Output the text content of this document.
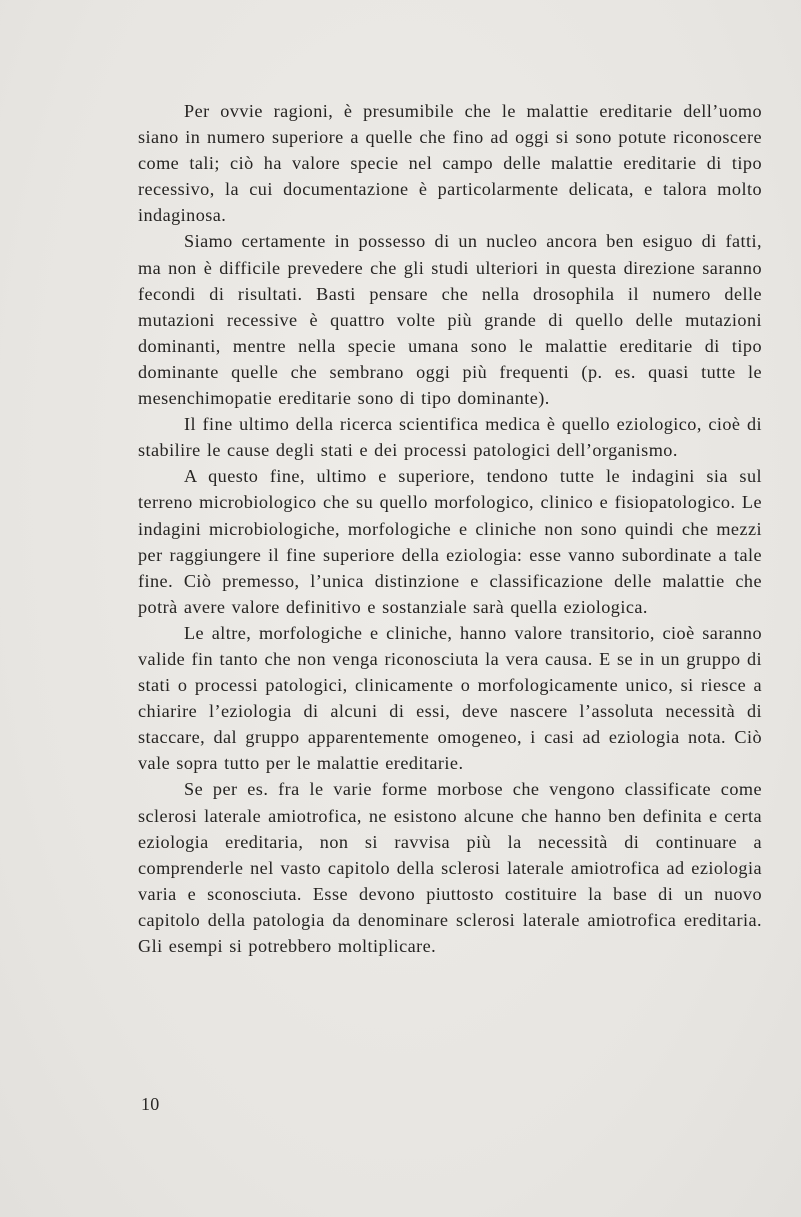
Per ovvie ragioni, è presumibile che le malattie ereditarie dell’uomo siano in numero superiore a quelle che fino ad oggi si sono potute riconoscere come tali; ciò ha valore specie nel campo delle malattie ereditarie di tipo recessivo, la cui documentazione è particolarmente delicata, e talora molto indaginosa.

Siamo certamente in possesso di un nucleo ancora ben esiguo di fatti, ma non è difficile prevedere che gli studi ulteriori in questa direzione saranno fecondi di risultati. Basti pensare che nella drosophila il numero delle mutazioni recessive è quattro volte più grande di quello delle mutazioni dominanti, mentre nella specie umana sono le malattie ereditarie di tipo dominante quelle che sembrano oggi più frequenti (p. es. quasi tutte le mesenchimopatie ereditarie sono di tipo dominante).

Il fine ultimo della ricerca scientifica medica è quello eziologico, cioè di stabilire le cause degli stati e dei processi patologici dell’organismo.

A questo fine, ultimo e superiore, tendono tutte le indagini sia sul terreno microbiologico che su quello morfologico, clinico e fisiopatologico. Le indagini microbiologiche, morfologiche e cliniche non sono quindi che mezzi per raggiungere il fine superiore della eziologia: esse vanno subordinate a tale fine. Ciò premesso, l’unica distinzione e classificazione delle malattie che potrà avere valore definitivo e sostanziale sarà quella eziologica.

Le altre, morfologiche e cliniche, hanno valore transitorio, cioè saranno valide fin tanto che non venga riconosciuta la vera causa. E se in un gruppo di stati o processi patologici, clinicamente o morfologicamente unico, si riesce a chiarire l’eziologia di alcuni di essi, deve nascere l’assoluta necessità di staccare, dal gruppo apparentemente omogeneo, i casi ad eziologia nota. Ciò vale sopra tutto per le malattie ereditarie.

Se per es. fra le varie forme morbose che vengono classificate come sclerosi laterale amiotrofica, ne esistono alcune che hanno ben definita e certa eziologia ereditaria, non si ravvisa più la necessità di continuare a comprenderle nel vasto capitolo della sclerosi laterale amiotrofica ad eziologia varia e sconosciuta. Esse devono piuttosto costituire la base di un nuovo capitolo della patologia da denominare sclerosi laterale amiotrofica ereditaria. Gli esempi si potrebbero moltiplicare.

10
